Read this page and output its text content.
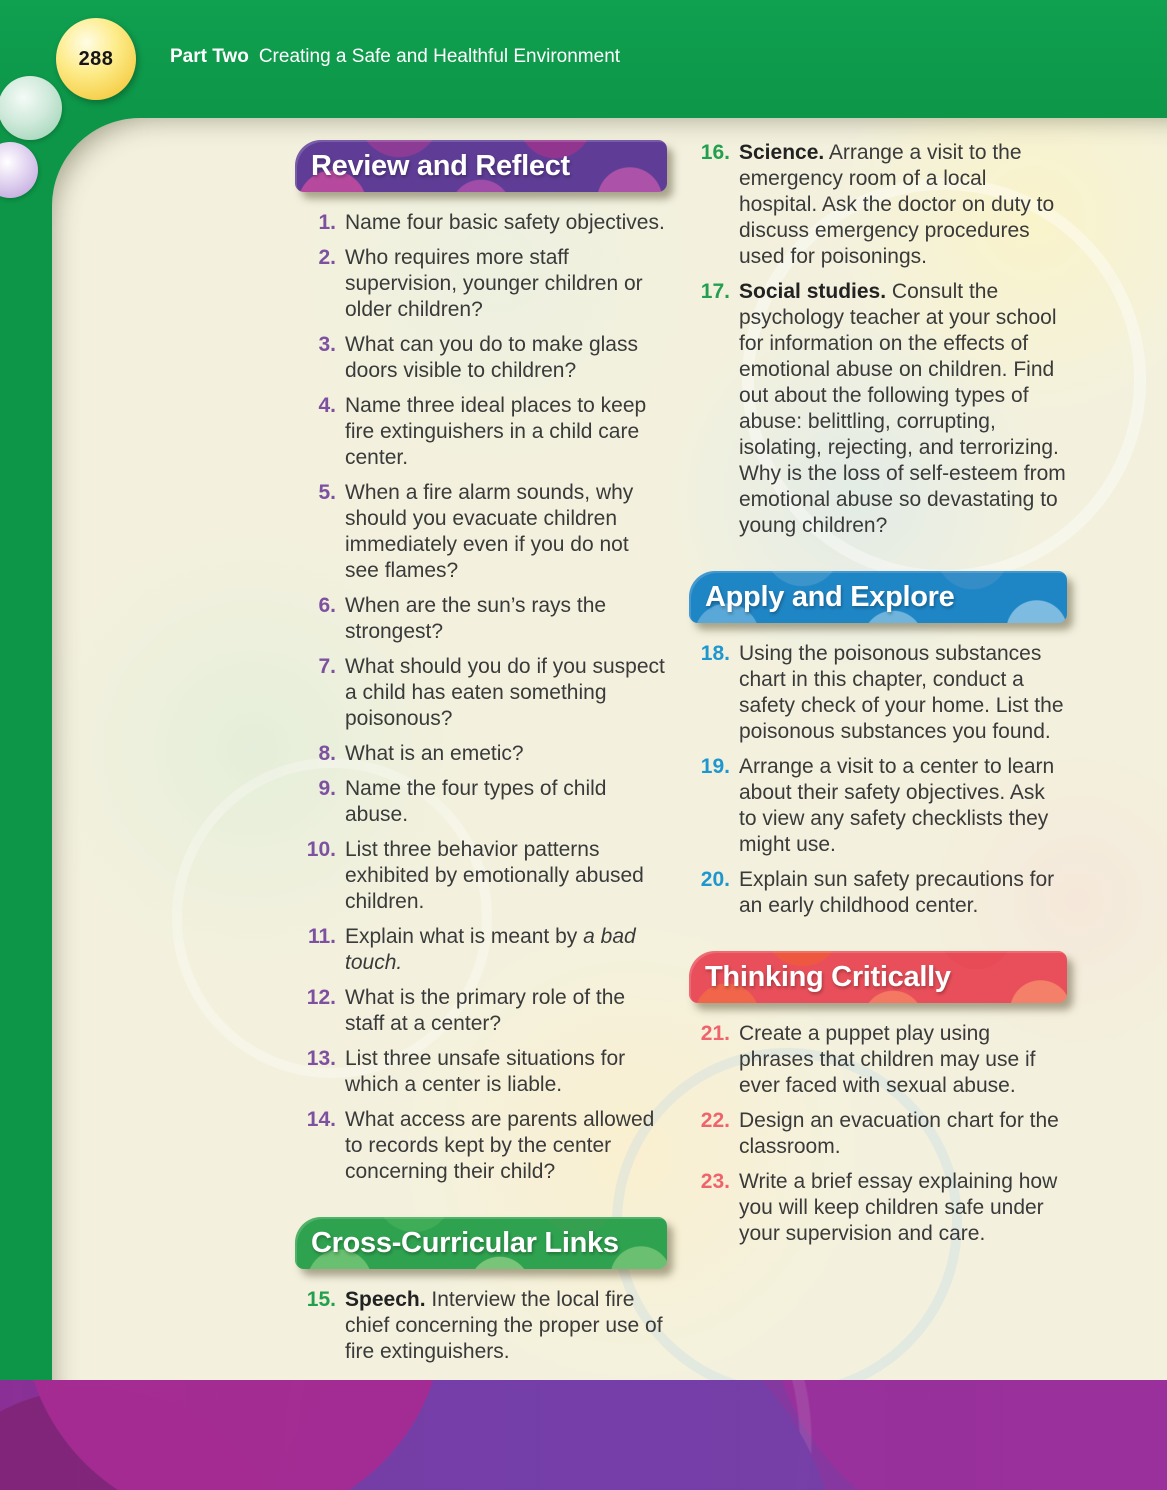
Part Two Creating a Safe and Healthful Environment
Review and Reflect
1. Name four basic safety objectives.
2. Who requires more staff supervision, younger children or older children?
3. What can you do to make glass doors visible to children?
4. Name three ideal places to keep fire extinguishers in a child care center.
5. When a fire alarm sounds, why should you evacuate children immediately even if you do not see flames?
6. When are the sun’s rays the strongest?
7. What should you do if you suspect a child has eaten something poisonous?
8. What is an emetic?
9. Name the four types of child abuse.
10. List three behavior patterns exhibited by emotionally abused children.
11. Explain what is meant by a bad touch.
12. What is the primary role of the staff at a center?
13. List three unsafe situations for which a center is liable.
14. What access are parents allowed to records kept by the center concerning their child?
Cross-Curricular Links
15. Speech. Interview the local fire chief concerning the proper use of fire extinguishers.
16. Science. Arrange a visit to the emergency room of a local hospital. Ask the doctor on duty to discuss emergency procedures used for poisonings.
17. Social studies. Consult the psychology teacher at your school for information on the effects of emotional abuse on children. Find out about the following types of abuse: belittling, corrupting, isolating, rejecting, and terrorizing. Why is the loss of self-esteem from emotional abuse so devastating to young children?
Apply and Explore
18. Using the poisonous substances chart in this chapter, conduct a safety check of your home. List the poisonous substances you found.
19. Arrange a visit to a center to learn about their safety objectives. Ask to view any safety checklists they might use.
20. Explain sun safety precautions for an early childhood center.
Thinking Critically
21. Create a puppet play using phrases that children may use if ever faced with sexual abuse.
22. Design an evacuation chart for the classroom.
23. Write a brief essay explaining how you will keep children safe under your supervision and care.
288
